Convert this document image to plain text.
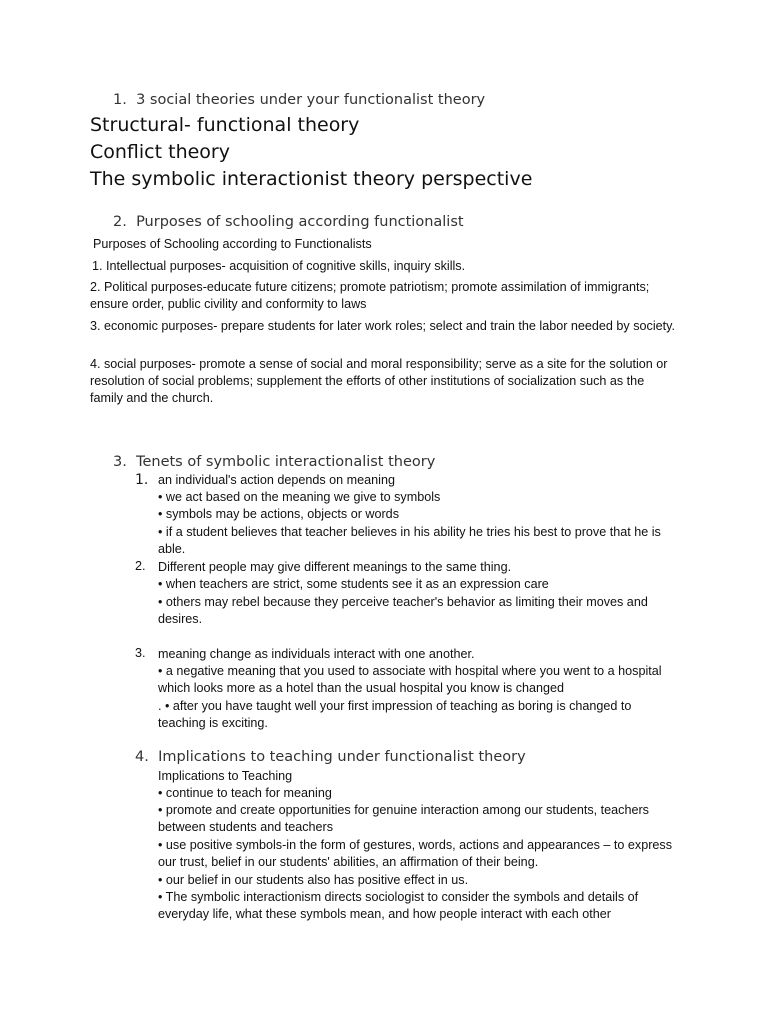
1. 3 social theories under your functionalist theory
Structural- functional theory
Conflict theory
The symbolic interactionist theory perspective
2. Purposes of schooling according functionalist
Purposes of Schooling according to Functionalists
1. Intellectual purposes- acquisition of cognitive skills, inquiry skills.

2. Political purposes-educate future citizens; promote patriotism; promote assimilation of immigrants; ensure order, public civility and conformity to laws

3. economic purposes- prepare students for later work roles; select and train the labor needed by society.

4. social purposes- promote a sense of social and moral responsibility; serve as a site for the solution or resolution of social problems; supplement the efforts of other institutions of socialization such as the family and the church.

3. Tenets of symbolic interactionalist theory
1. an individual's action depends on meaning
• we act based on the meaning we give to symbols
• symbols may be actions, objects or words

• if a student believes that teacher believes in his ability he tries his best to prove that he is able.

2. Different people may give different meanings to the same thing.
• when teachers are strict, some students see it as an expression care

• others may rebel because they perceive teacher's behavior as limiting their moves and desires.

3. meaning change as individuals interact with one another.

• a negative meaning that you used to associate with hospital where you went to a hospital which looks more as a hotel than the usual hospital you know is changed

. • after you have taught well your first impression of teaching as boring is changed to teaching is exciting.

4. Implications to teaching under functionalist theory
Implications to Teaching
• continue to teach for meaning

• promote and create opportunities for genuine interaction among our students, teachers between students and teachers

• use positive symbols-in the form of gestures, words, actions and appearances – to express our trust, belief in our students' abilities, an affirmation of their being.

• our belief in our students also has positive effect in us.

• The symbolic interactionism directs sociologist to consider the symbols and details of everyday life, what these symbols mean, and how people interact with each other
